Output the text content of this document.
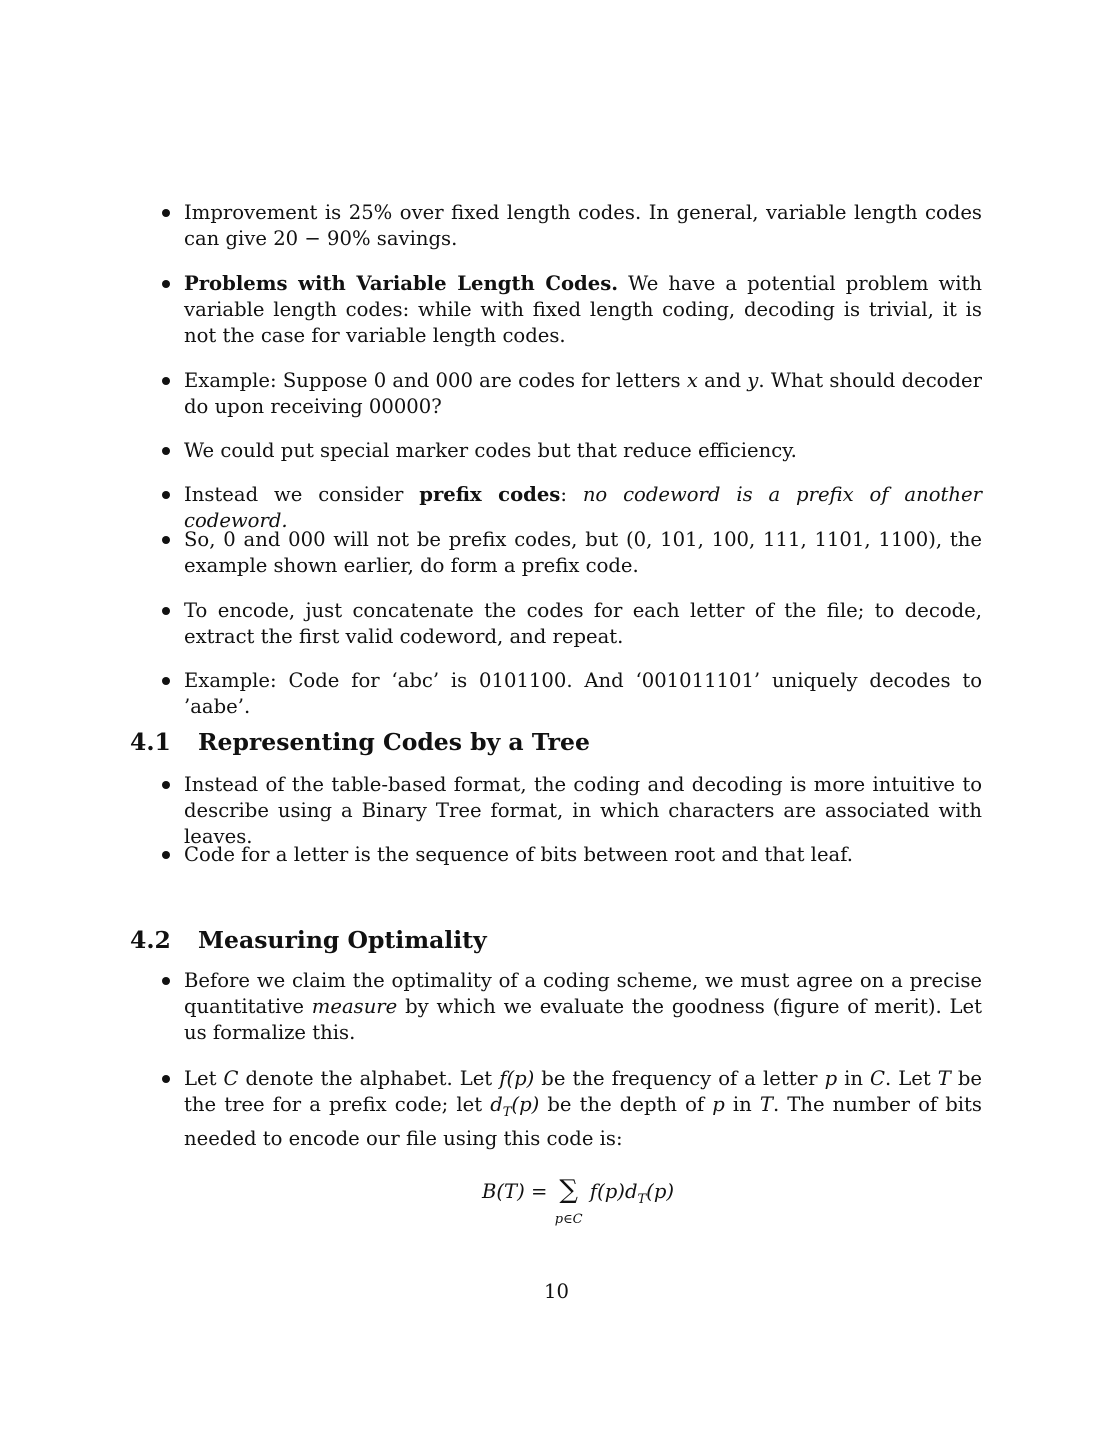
Improvement is 25% over fixed length codes. In general, variable length codes can give 20 − 90% savings.
Problems with Variable Length Codes. We have a potential problem with variable length codes: while with fixed length coding, decoding is trivial, it is not the case for variable length codes.
Example: Suppose 0 and 000 are codes for letters x and y. What should decoder do upon receiving 00000?
We could put special marker codes but that reduce efficiency.
Instead we consider prefix codes: no codeword is a prefix of another codeword.
So, 0 and 000 will not be prefix codes, but (0, 101, 100, 111, 1101, 1100), the example shown earlier, do form a prefix code.
To encode, just concatenate the codes for each letter of the file; to decode, extract the first valid codeword, and repeat.
Example: Code for ‘abc’ is 0101100. And ‘001011101’ uniquely decodes to ’aabe’.
4.1 Representing Codes by a Tree
Instead of the table-based format, the coding and decoding is more intuitive to describe using a Binary Tree format, in which characters are associated with leaves.
Code for a letter is the sequence of bits between root and that leaf.
4.2 Measuring Optimality
Before we claim the optimality of a coding scheme, we must agree on a precise quantitative measure by which we evaluate the goodness (figure of merit). Let us formalize this.
Let C denote the alphabet. Let f(p) be the frequency of a letter p in C. Let T be the tree for a prefix code; let $d_T(p)$ be the depth of p in T. The number of bits needed to encode our file using this code is:
B(T) = ∑
p∈C
$f(p)d_T(p)$
10
